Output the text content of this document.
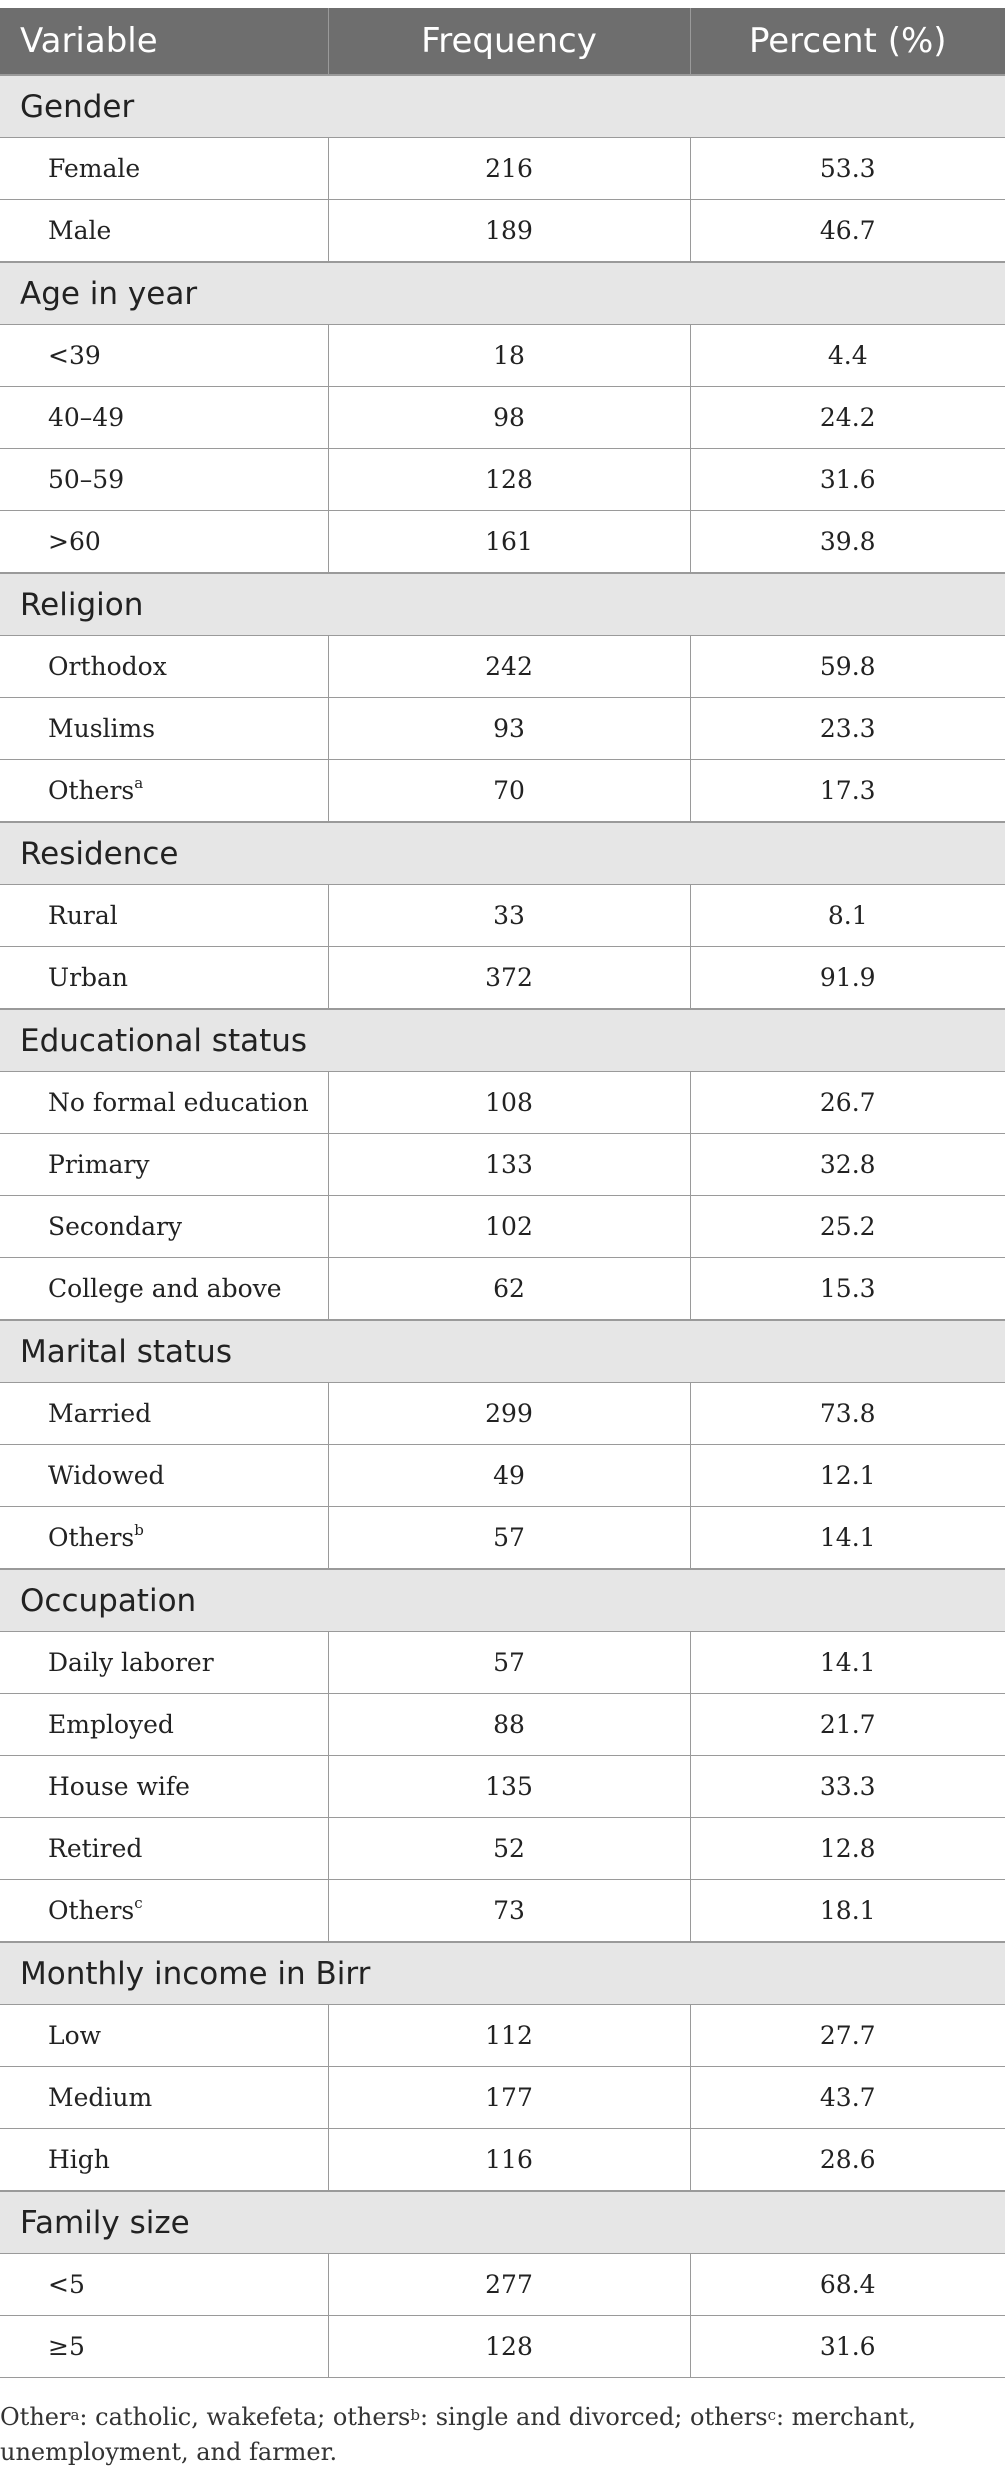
Variable	Frequency	Percent (%)
Gender		
Female	216	53.3
Male	189	46.7
Age in year		
<39	18	4.4
40–49	98	24.2
50–59	128	31.6
>60	161	39.8
Religion		
Orthodox	242	59.8
Muslims	93	23.3
Others$^a$	70	17.3
Residence		
Rural	33	8.1
Urban	372	91.9
Educational status		
No formal education	108	26.7
Primary	133	32.8
Secondary	102	25.2
College and above	62	15.3
Marital status		
Married	299	73.8
Widowed	49	12.1
Others$^b$	57	14.1
Occupation		
Daily laborer	57	14.1
Employed	88	21.7
House wife	135	33.3
Retired	52	12.8
Others$^c$	73	18.1
Monthly income in Birr		
Low	112	27.7
Medium	177	43.7
High	116	28.6
Family size		
<5	277	68.4
≥5	128	31.6
Other$^a$: catholic, wakefeta; others$^b$: single and divorced; others$^c$: merchant, unemployment, and farmer.
